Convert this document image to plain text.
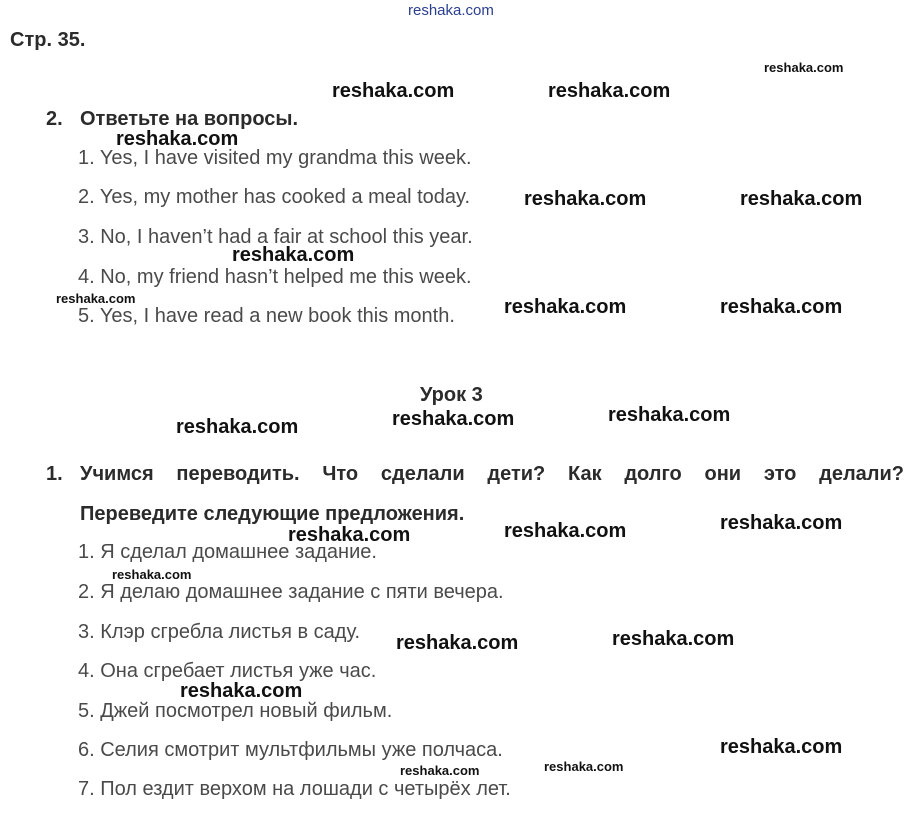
reshaka.com
Стр. 35.
2. Ответьте на вопросы.
1. Yes, I have visited my grandma this week.
2. Yes, my mother has cooked a meal today.
3. No, I haven’t had a fair at school this year.
4. No, my friend hasn’t helped me this week.
5. Yes, I have read a new book this month.
Урок 3
1. Учимся переводить. Что сделали дети? Как долго они это делали?
Переведите следующие предложения.
1. Я сделал домашнее задание.
2. Я делаю домашнее задание с пяти вечера.
3. Клэр сгребла листья в саду.
4. Она сгребает листья уже час.
5. Джей посмотрел новый фильм.
6. Селия смотрит мультфильмы уже полчаса.
7. Пол ездит верхом на лошади с четырёх лет.
reshaka.com
reshaka.com	reshaka.com
reshaka.com
reshaka.com	reshaka.com
reshaka.com
reshaka.com	reshaka.com	reshaka.com
reshaka.com
reshaka.com
reshaka.com
reshaka.com
reshaka.com
reshaka.com
reshaka.com
reshaka.com
reshaka.com
reshaka.com
reshaka.com
reshaka.com
reshaka.com
